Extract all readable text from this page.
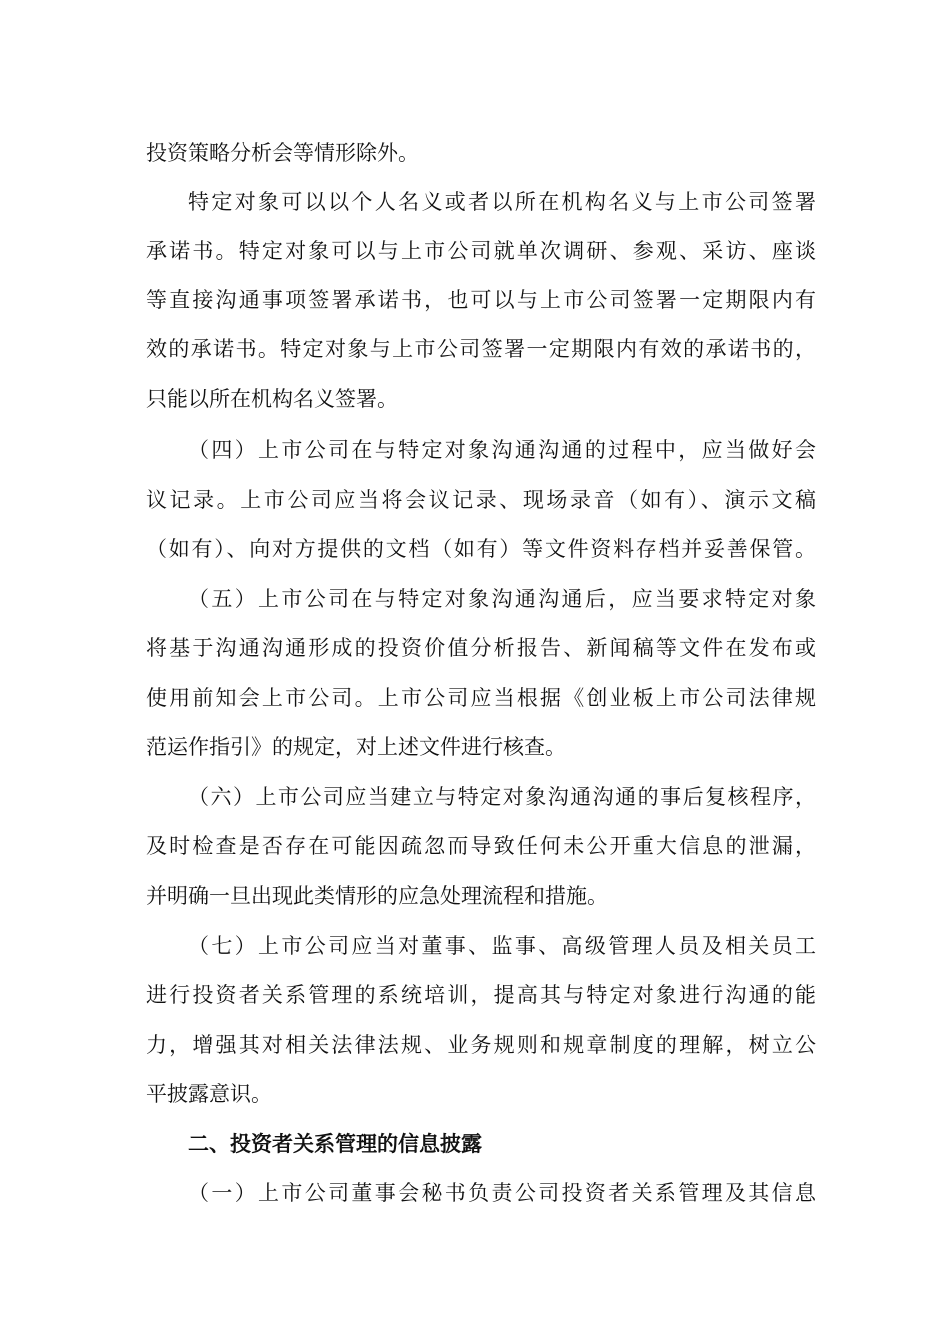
投资策略分析会等情形除外。
特定对象可以以个人名义或者以所在机构名义与上市公司签署
承诺书。特定对象可以与上市公司就单次调研、参观、采访、座谈
等直接沟通事项签署承诺书，也可以与上市公司签署一定期限内有
效的承诺书。特定对象与上市公司签署一定期限内有效的承诺书的，
只能以所在机构名义签署。
（四）上市公司在与特定对象沟通沟通的过程中，应当做好会
议记录。上市公司应当将会议记录、现场录音（如有）、演示文稿
（如有）、向对方提供的文档（如有）等文件资料存档并妥善保管。
（五）上市公司在与特定对象沟通沟通后，应当要求特定对象
将基于沟通沟通形成的投资价值分析报告、新闻稿等文件在发布或
使用前知会上市公司。上市公司应当根据《创业板上市公司法律规
范运作指引》的规定，对上述文件进行核查。
（六）上市公司应当建立与特定对象沟通沟通的事后复核程序，
及时检查是否存在可能因疏忽而导致任何未公开重大信息的泄漏，
并明确一旦出现此类情形的应急处理流程和措施。
（七）上市公司应当对董事、监事、高级管理人员及相关员工
进行投资者关系管理的系统培训，提高其与特定对象进行沟通的能
力，增强其对相关法律法规、业务规则和规章制度的理解，树立公
平披露意识。
二、投资者关系管理的信息披露
（一）上市公司董事会秘书负责公司投资者关系管理及其信息
